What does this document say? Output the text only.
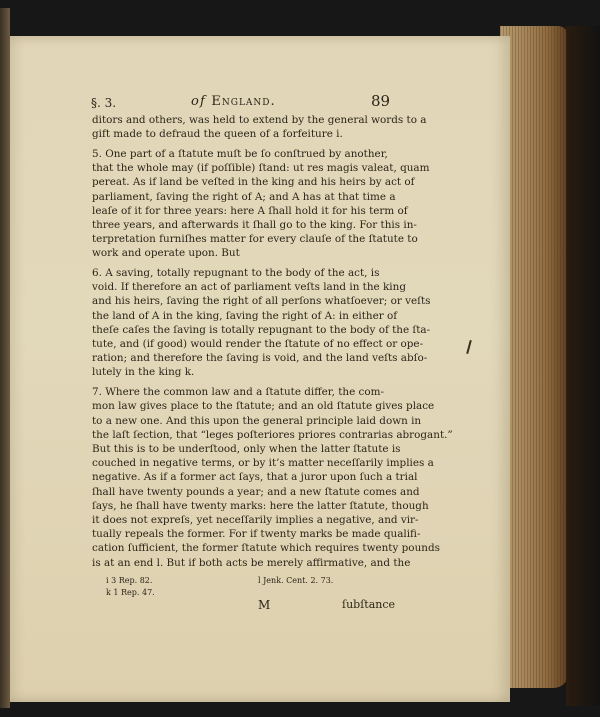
§. 3.	of England.	89
ditors and others, was held to extend by the general words to a
gift made to defraud the queen of a forfeiture i.
5. One part of a ſtatute muſt be ſo conſtrued by another,
that the whole may (if poſſible) ſtand: ut res magis valeat, quam
pereat. As if land be veſted in the king and his heirs by act of
parliament, ſaving the right of A; and A has at that time a
leaſe of it for three years: here A ſhall hold it for his term of
three years, and afterwards it ſhall go to the king. For this in-
terpretation furniſhes matter for every clauſe of the ſtatute to
work and operate upon. But
6. A saving, totally repugnant to the body of the act, is
void. If therefore an act of parliament veſts land in the king
and his heirs, ſaving the right of all perſons whatſoever; or veſts
the land of A in the king, ſaving the right of A: in either of
theſe caſes the ſaving is totally repugnant to the body of the ſta-
tute, and (if good) would render the ſtatute of no effect or ope-
ration; and therefore the ſaving is void, and the land veſts abſo-
lutely in the king k.
7. Where the common law and a ſtatute differ, the com-
mon law gives place to the ſtatute; and an old ſtatute gives place
to a new one. And this upon the general principle laid down in
the laſt ſection, that “leges poſteriores priores contrarias abrogant.”
But this is to be underſtood, only when the latter ſtatute is
couched in negative terms, or by it’s matter neceſſarily implies a
negative. As if a former act ſays, that a juror upon ſuch a trial
ſhall have twenty pounds a year; and a new ſtatute comes and
ſays, he ſhall have twenty marks: here the latter ſtatute, though
it does not expreſs, yet neceſſarily implies a negative, and vir-
tually repeals the former. For if twenty marks be made qualifi-
cation ſufficient, the former ſtatute which requires twenty pounds
is at an end l. But if both acts be merely affirmative, and the
i 3 Rep. 82.
k 1 Rep. 47.
l Jenk. Cent. 2. 73.
M	ſubſtance
